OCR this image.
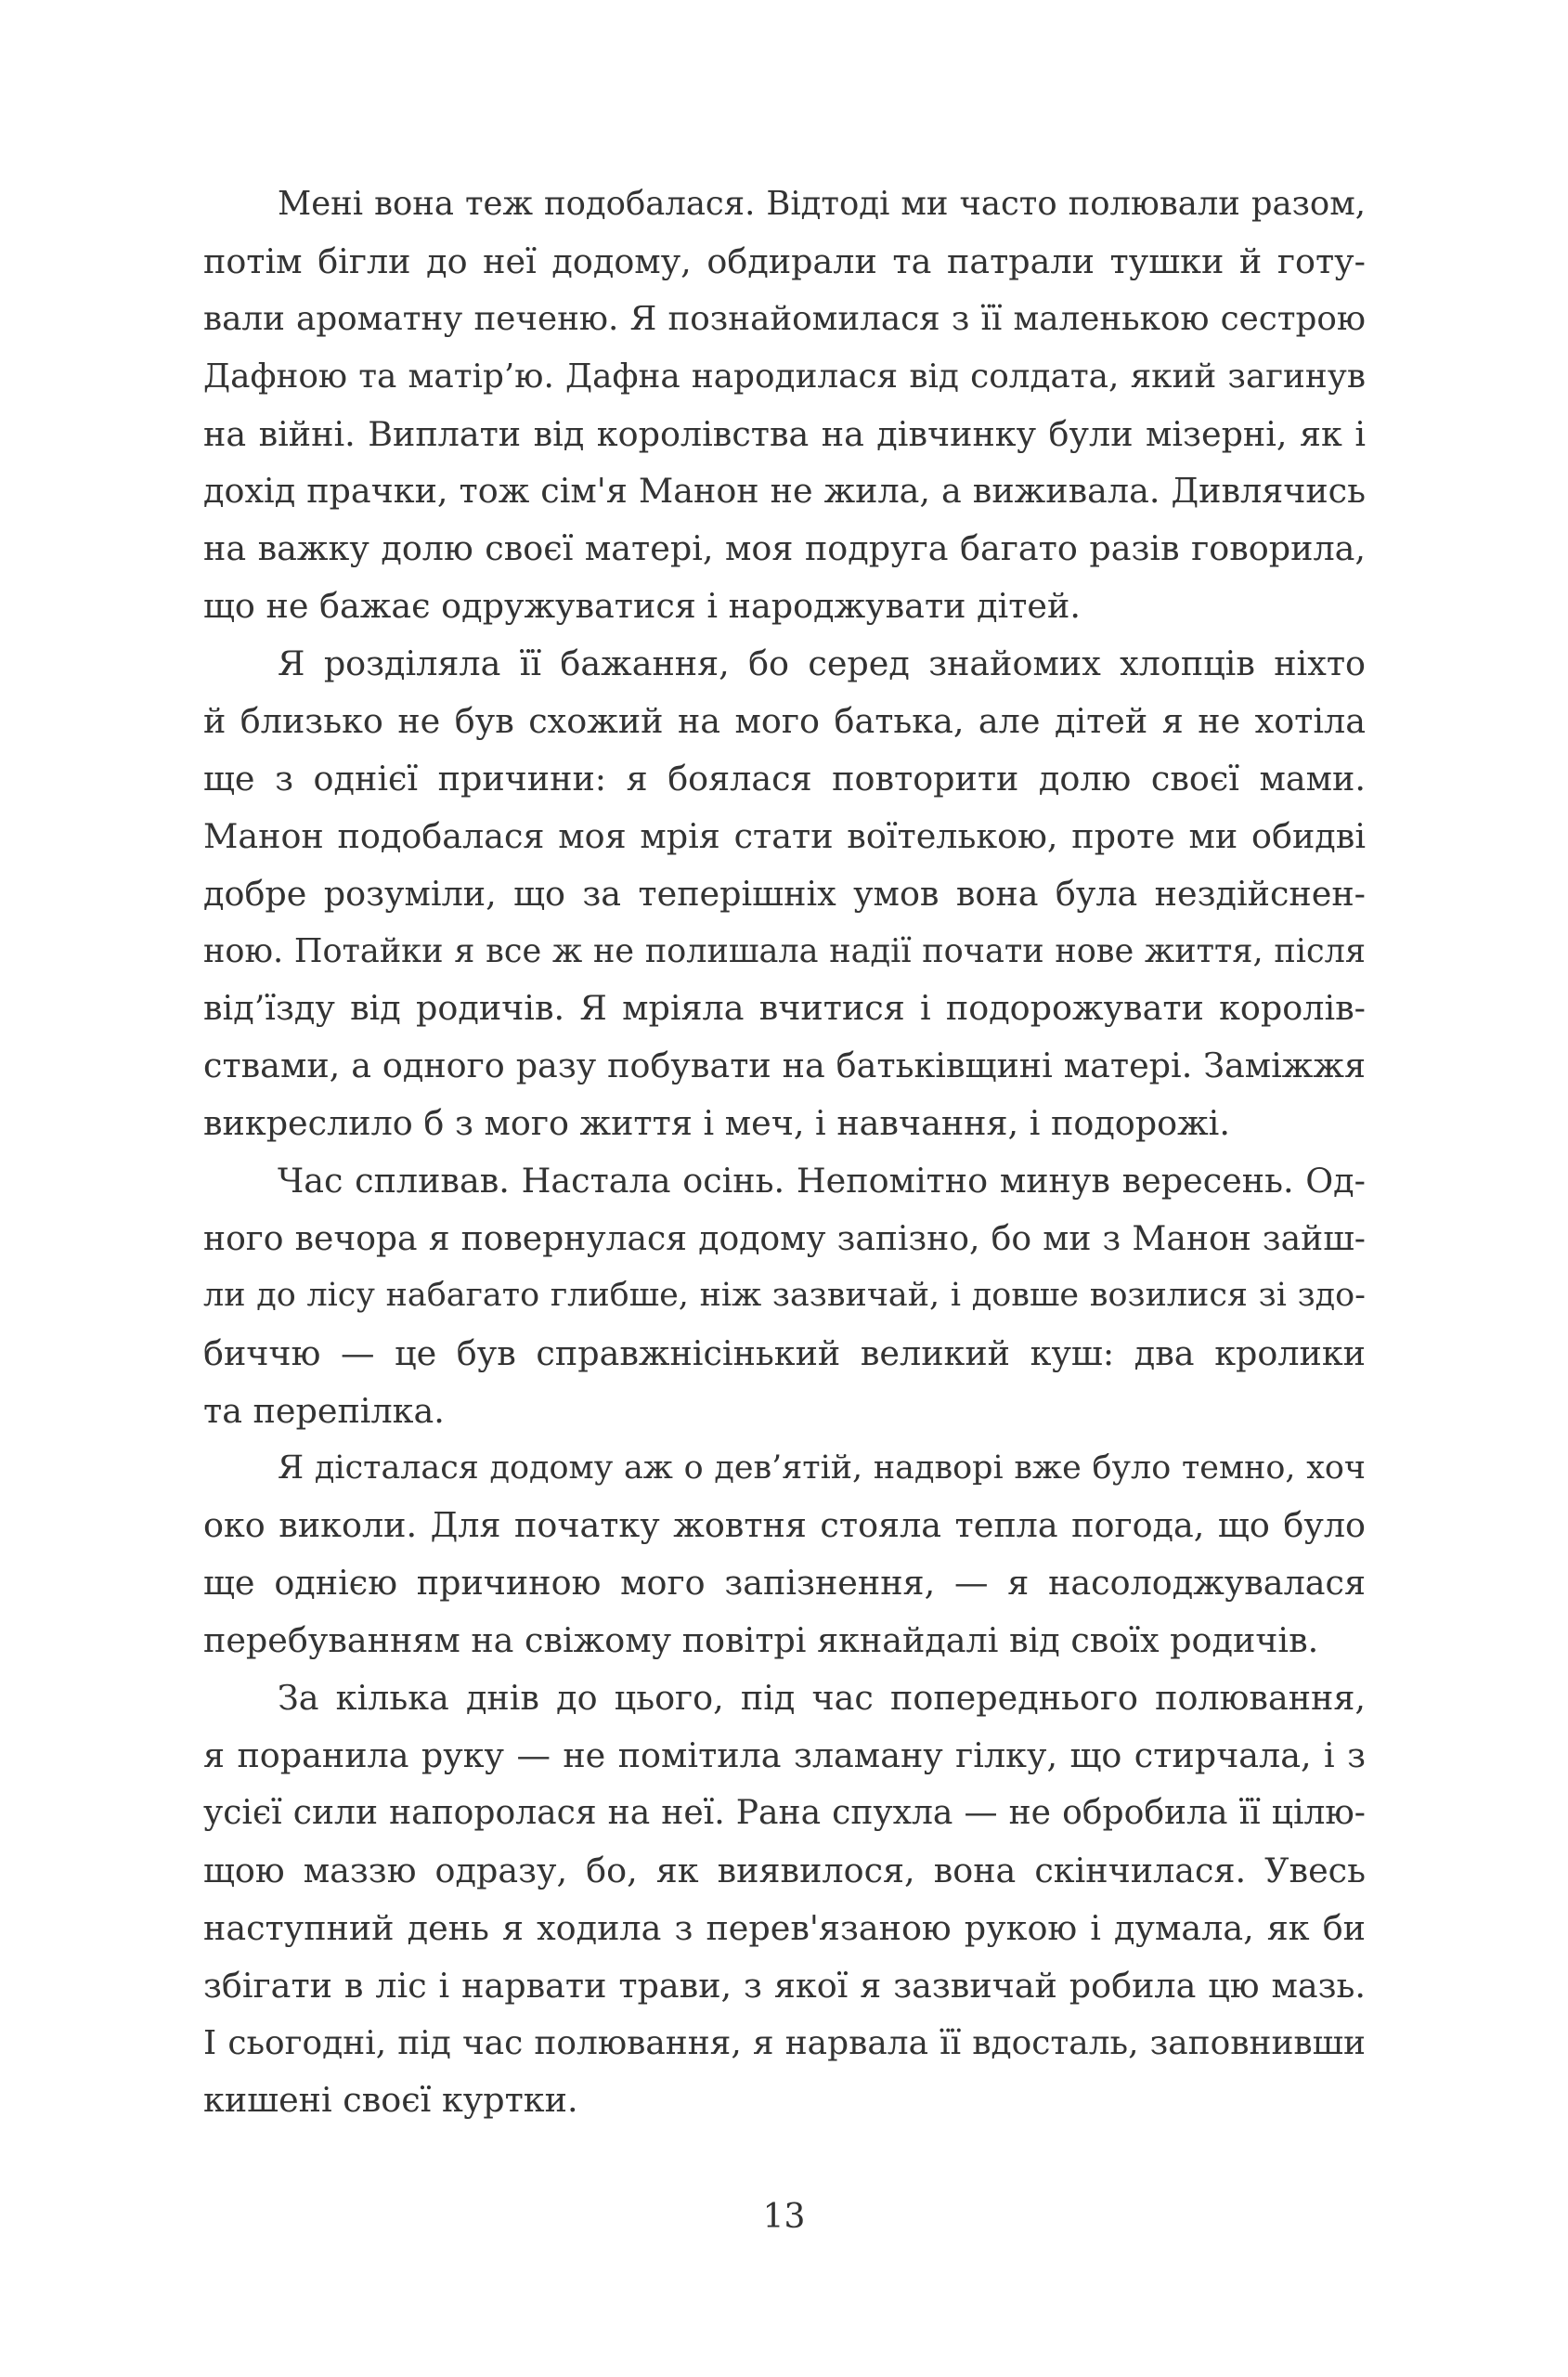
Мені вона теж подобалася. Відтоді ми часто полювали разом,
потім бігли до неї додому, обдирали та патрали тушки й готу-
вали ароматну печеню. Я познайомилася з її маленькою сестрою
Дафною та матір’ю. Дафна народилася від солдата, який загинув
на війні. Виплати від королівства на дівчинку були мізерні, як і
дохід прачки, тож сім'я Манон не жила, а виживала. Дивлячись
на важку долю своєї матері, моя подруга багато разів говорила,
що не бажає одружуватися і народжувати дітей.
Я розділяла її бажання, бо серед знайомих хлопців ніхто
й близько не був схожий на мого батька, але дітей я не хотіла
ще з однієї причини: я боялася повторити долю своєї мами.
Манон подобалася моя мрія стати воїтелькою, проте ми обидві
добре розуміли, що за теперішніх умов вона була нездійснен-
ною. Потайки я все ж не полишала надії почати нове життя, після
від’їзду від родичів. Я мріяла вчитися і подорожувати королів-
ствами, а одного разу побувати на батьківщині матері. Заміжжя
викреслило б з мого життя і меч, і навчання, і подорожі.
Час спливав. Настала осінь. Непомітно минув вересень. Од-
ного вечора я повернулася додому запізно, бо ми з Манон зайш-
ли до лісу набагато глибше, ніж зазвичай, і довше возилися зі здо-
биччю — це був справжнісінький великий куш: два кролики
та перепілка.
Я дісталася додому аж о дев’ятій, надворі вже було темно, хоч
око виколи. Для початку жовтня стояла тепла погода, що було
ще однією причиною мого запізнення, — я насолоджувалася
перебуванням на свіжому повітрі якнайдалі від своїх родичів.
За кілька днів до цього, під час попереднього полювання,
я поранила руку — не помітила зламану гілку, що стирчала, і з
усієї сили напоролася на неї. Рана спухла — не обробила її цілю-
щою маззю одразу, бо, як виявилося, вона скінчилася. Увесь
наступний день я ходила з перев'язаною рукою і думала, як би
збігати в ліс і нарвати трави, з якої я зазвичай робила цю мазь.
І сьогодні, під час полювання, я нарвала її вдосталь, заповнивши
кишені своєї куртки.
13
